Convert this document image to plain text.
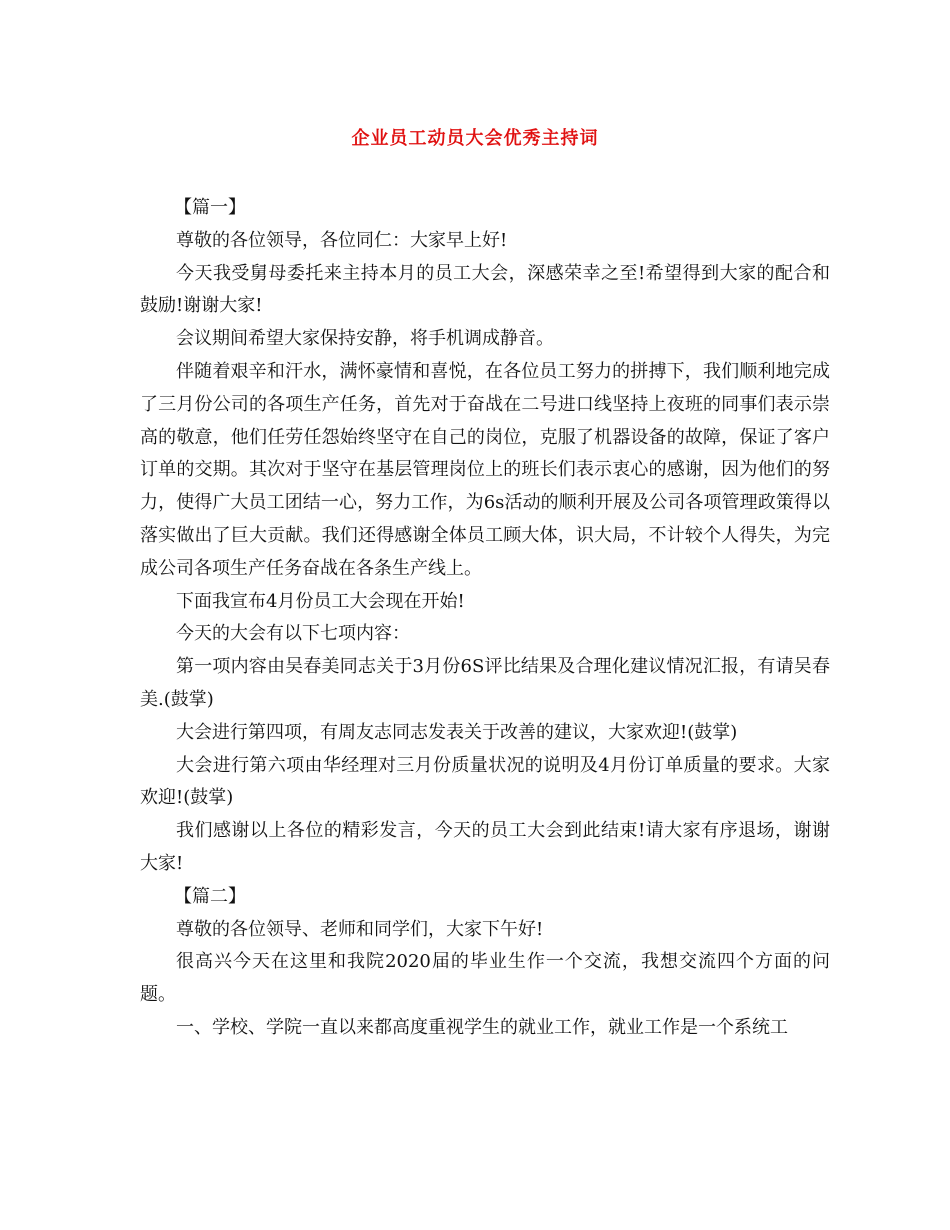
企业员工动员大会优秀主持词

【篇一】

尊敬的各位领导，各位同仁：大家早上好!

今天我受舅母委托来主持本月的员工大会，深感荣幸之至!希望得到大家的配合和鼓励!谢谢大家!

会议期间希望大家保持安静，将手机调成静音。

伴随着艰辛和汗水，满怀豪情和喜悦，在各位员工努力的拼搏下，我们顺利地完成了三月份公司的各项生产任务，首先对于奋战在二号进口线坚持上夜班的同事们表示崇高的敬意，他们任劳任怨始终坚守在自己的岗位，克服了机器设备的故障，保证了客户订单的交期。其次对于坚守在基层管理岗位上的班长们表示衷心的感谢，因为他们的努力，使得广大员工团结一心，努力工作，为6s活动的顺利开展及公司各项管理政策得以落实做出了巨大贡献。我们还得感谢全体员工顾大体，识大局，不计较个人得失，为完成公司各项生产任务奋战在各条生产线上。

下面我宣布4月份员工大会现在开始!

今天的大会有以下七项内容：

第一项内容由吴春美同志关于3月份6S评比结果及合理化建议情况汇报，有请吴春美.(鼓掌)

大会进行第四项，有周友志同志发表关于改善的建议，大家欢迎!(鼓掌)

大会进行第六项由华经理对三月份质量状况的说明及4月份订单质量的要求。大家欢迎!(鼓掌)

我们感谢以上各位的精彩发言，今天的员工大会到此结束!请大家有序退场，谢谢大家!

【篇二】

尊敬的各位领导、老师和同学们，大家下午好!

很高兴今天在这里和我院2020届的毕业生作一个交流，我想交流四个方面的问题。

一、学校、学院一直以来都高度重视学生的就业工作，就业工作是一个系统工
